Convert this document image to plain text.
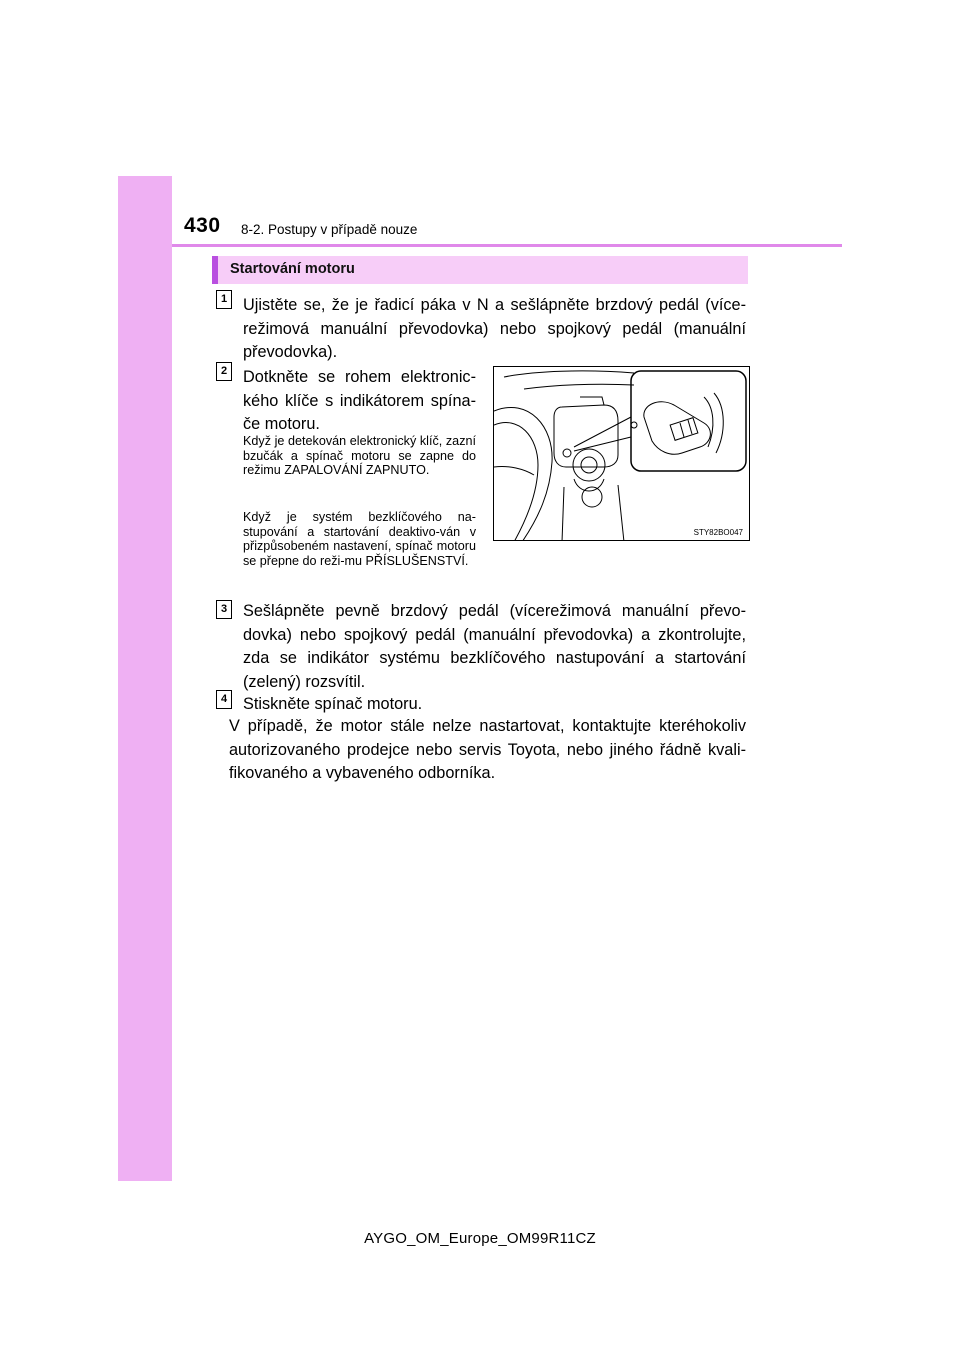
430 8-2. Postupy v případě nouze
Startování motoru
1 Ujistěte se, že je řadicí páka v N a sešlápněte brzdový pedál (více-režimová manuální převodovka) nebo spojkový pedál (manuální převodovka).
2 Dotkněte se rohem elektronic-kého klíče s indikátorem spína-če motoru.
Když je detekován elektronický klíč, zazní bzučák a spínač motoru se zapne do režimu ZAPALOVÁNÍ ZAPNUTO.
Když je systém bezklíčového na-stupování a startování deaktivo-ván v přizpůsobeném nastavení, spínač motoru se přepne do reži-mu PŘÍSLUŠENSTVÍ.
STY82BO047
3 Sešlápněte pevně brzdový pedál (vícerežimová manuální převo-dovka) nebo spojkový pedál (manuální převodovka) a zkontrolujte, zda se indikátor systému bezklíčového nastupování a startování (zelený) rozsvítil.
4 Stiskněte spínač motoru.
V případě, že motor stále nelze nastartovat, kontaktujte kteréhokoliv autorizovaného prodejce nebo servis Toyota, nebo jiného řádně kvali-fikovaného a vybaveného odborníka.
AYGO_OM_Europe_OM99R11CZ
